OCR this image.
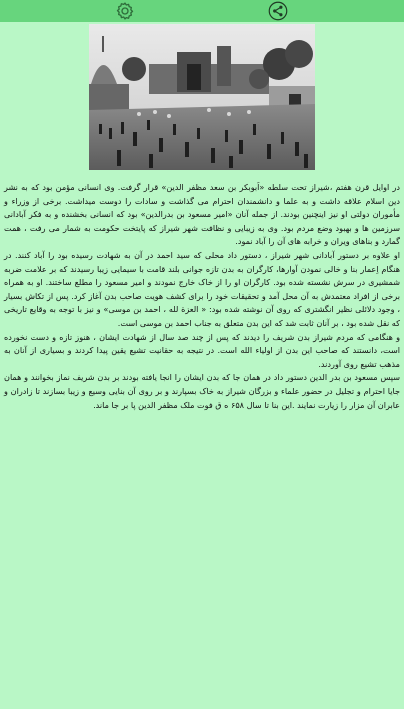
در اوایل قرن هفتم ،شیراز تحت سلطه «اَبوبکر بن سعد مظفر الدین» قرار گرفت. وی انسانی مؤمن بود که به نشر دین اسلام علاقه داشت و به علما و دانشمندان احترام می گذاشت و سادات را دوست میداشت. برخی از وزراء و مأموران دولتی او نیز اینچنین بودند. از جمله آنان «امیر مسعود بن بدرالدین» بود که انسانی بخشنده و به فکر آبادانی سرزمین ها و بهبود وضع مردم بود. وی به زیبایی و نظافت شهر شیراز که پایتخت حکومت به شمار می رفت ، همت گمارد و بناهای ویران و خرابه های آن را آباد نمود.

او علاوه بر دستور آبادانی شهر شیراز ، دستور داد محلی که سید احمد در آن به شهادت رسیده بود را آباد کنند. در هنگام اِعمار بنا و خالی نمودن آوارها، کارگران به بدن تازه جوانی بلند قامت با سیمایی زیبا رسیدند که بر علامت ضربه شمشیری در سرش نشسته شده بود. کارگران او را از خاک خارج نمودند و امیر مسعود را مطلع ساختند. او به همراه برخی از افراد معتمدش به آن محل آمد و تحقیقات خود را برای کشف هویت صاحب بدن آغاز کرد. پس از تکاش بسیار ، وجود دلائلی نظیر انگشتری که روی آن نوشته شده بود: « العزة لله ، احمد بن موسی» و نیز با توجه به وقایع تاریخی که نقل شده بود ، بر آنان ثابت شد که این بدن متعلق به جناب احمد بن موسی است.

و هنگامی که مردم شیراز بدن شریف را دیدند که پس از چند صد سال از شهادت ایشان ، هنوز تازه و دست نخورده است، دانستند که صاحب این بدن از اولیاء الله است. در نتیجه به حقانیت تشیع یقین پیدا کردند و بسیاری از آنان به مذهب تشیع روی آوردند.

سپس مسعود بن بدر الدین دستور داد در همان جا که بدن ایشان را انجا یافته بودند بر بدن شریف نماز بخوانند و همان جایا احترام و تجلیل در حضور علماء و بزرگان شیراز به خاک بسپارند و بر روی آن بنایی وسیع و زیبا بسازند تا زادران و عابران آن مزار را زیارت نمایند .این بنا تا سال ۶۵۸ ه ق فوت ملک مظفر الدین پا بر جا ماند.
